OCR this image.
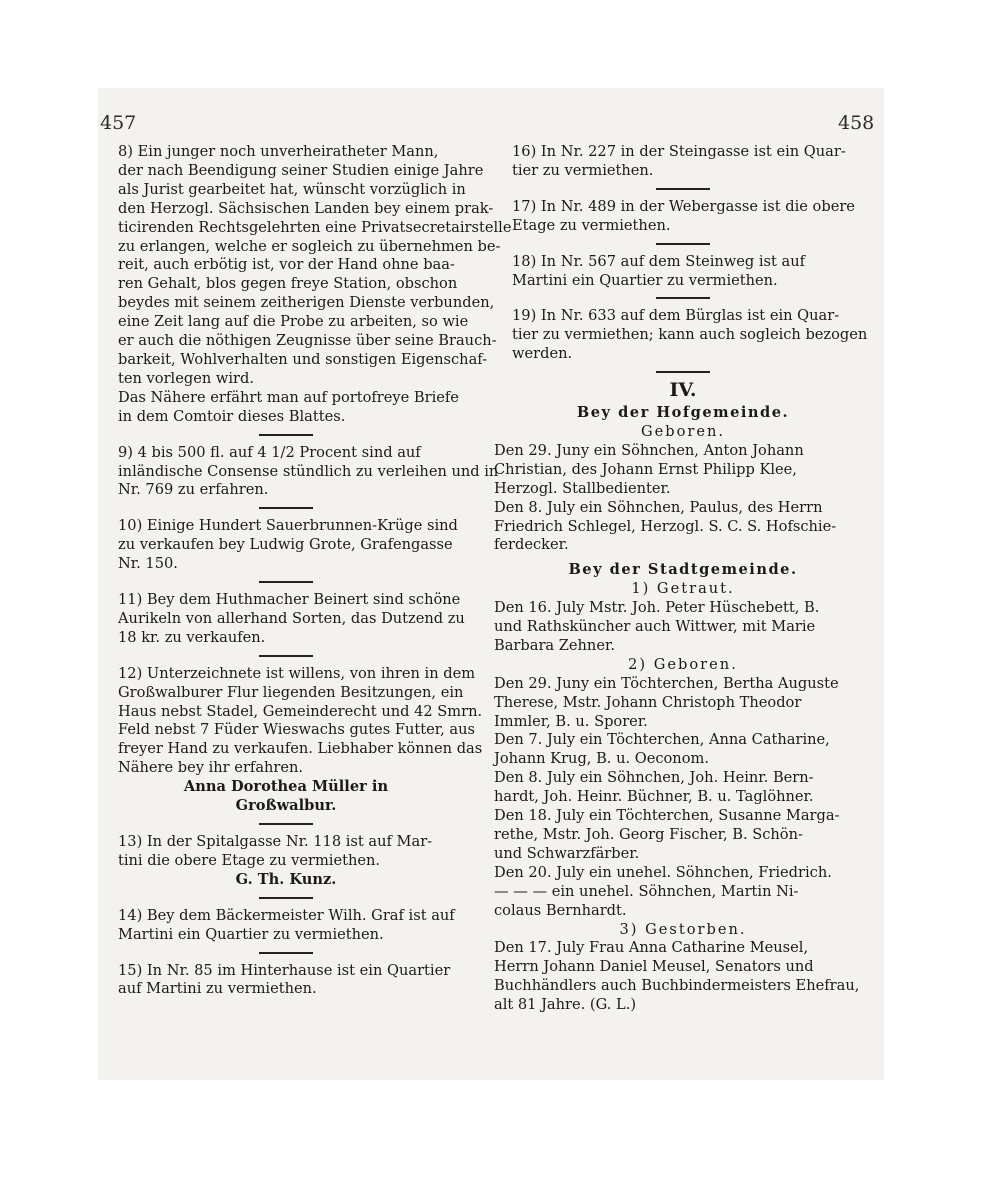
457	458

8) Ein junger noch unverheiratheter Mann,
der nach Beendigung seiner Studien einige Jahre
als Jurist gearbeitet hat, wünscht vorzüglich in
den Herzogl. Sächsischen Landen bey einem prak-
ticirenden Rechtsgelehrten eine Privatsecretairstelle
zu erlangen, welche er sogleich zu übernehmen be-
reit, auch erbötig ist, vor der Hand ohne baa-
ren Gehalt, blos gegen freye Station, obschon
beydes mit seinem zeitherigen Dienste verbunden,
eine Zeit lang auf die Probe zu arbeiten, so wie
er auch die nöthigen Zeugnisse über seine Brauch-
barkeit, Wohlverhalten und sonstigen Eigenschaf-
ten vorlegen wird.
Das Nähere erfährt man auf portofreye Briefe
in dem Comtoir dieses Blattes.

9) 4 bis 500 fl. auf 4 1/2 Procent sind auf
inländische Consense stündlich zu verleihen und in
Nr. 769 zu erfahren.

10) Einige Hundert Sauerbrunnen-Krüge sind
zu verkaufen bey Ludwig Grote, Grafengasse
Nr. 150.

11) Bey dem Huthmacher Beinert sind schöne
Aurikeln von allerhand Sorten, das Dutzend zu
18 kr. zu verkaufen.

12) Unterzeichnete ist willens, von ihren in dem
Großwalburer Flur liegenden Besitzungen, ein
Haus nebst Stadel, Gemeinderecht und 42 Smrn.
Feld nebst 7 Füder Wieswachs gutes Futter, aus
freyer Hand zu verkaufen. Liebhaber können das
Nähere bey ihr erfahren.

Anna Dorothea Müller in
Großwalbur.

13) In der Spitalgasse Nr. 118 ist auf Mar-
tini die obere Etage zu vermiethen.

G. Th. Kunz.

14) Bey dem Bäckermeister Wilh. Graf ist auf
Martini ein Quartier zu vermiethen.

15) In Nr. 85 im Hinterhause ist ein Quartier
auf Martini zu vermiethen.

16) In Nr. 227 in der Steingasse ist ein Quar-
tier zu vermiethen.

17) In Nr. 489 in der Webergasse ist die obere
Etage zu vermiethen.

18) In Nr. 567 auf dem Steinweg ist auf
Martini ein Quartier zu vermiethen.

19) In Nr. 633 auf dem Bürglas ist ein Quar-
tier zu vermiethen; kann auch sogleich bezogen
werden.

IV.

Bey der Hofgemeinde.

Geboren.

Den 29. Juny ein Söhnchen, Anton Johann
Christian, des Johann Ernst Philipp Klee,
Herzogl. Stallbedienter.

Den 8. July ein Söhnchen, Paulus, des Herrn
Friedrich Schlegel, Herzogl. S. C. S. Hofschie-
ferdecker.

Bey der Stadtgemeinde.

1) Getraut.

Den 16. July Mstr. Joh. Peter Hüschebett, B.
und Rathsküncher auch Wittwer, mit Marie
Barbara Zehner.

2) Geboren.

Den 29. Juny ein Töchterchen, Bertha Auguste
Therese, Mstr. Johann Christoph Theodor
Immler, B. u. Sporer.

Den 7. July ein Töchterchen, Anna Catharine,
Johann Krug, B. u. Oeconom.

Den 8. July ein Söhnchen, Joh. Heinr. Bern-
hardt, Joh. Heinr. Büchner, B. u. Taglöhner.

Den 18. July ein Töchterchen, Susanne Marga-
rethe, Mstr. Joh. Georg Fischer, B. Schön-
und Schwarzfärber.

Den 20. July ein unehel. Söhnchen, Friedrich.

— — — ein unehel. Söhnchen, Martin Ni-
colaus Bernhardt.

3) Gestorben.

Den 17. July Frau Anna Catharine Meusel,
Herrn Johann Daniel Meusel, Senators und
Buchhändlers auch Buchbindermeisters Ehefrau,
alt 81 Jahre. (G. L.)
